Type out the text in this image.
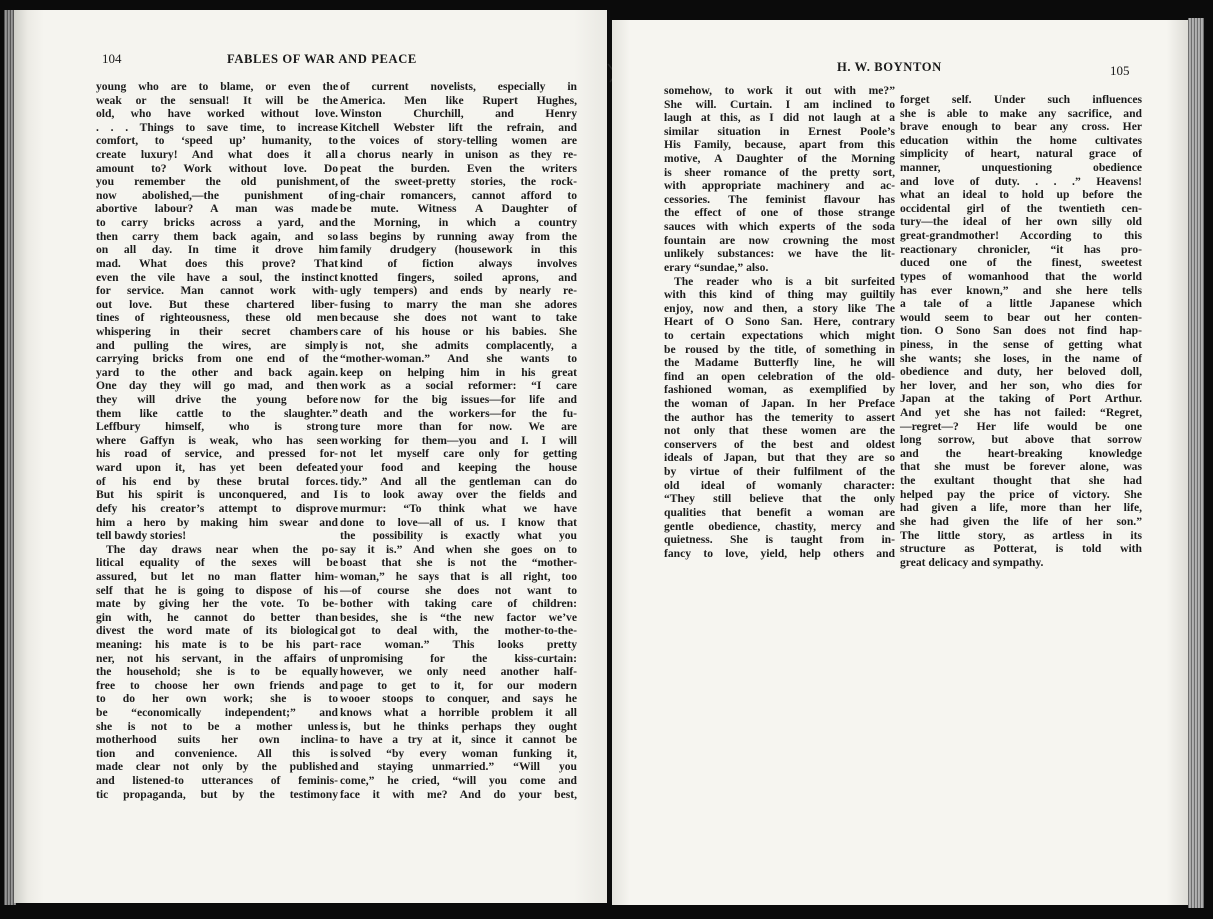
104	FABLES OF WAR AND PEACE
young who are to blame, or even the
weak or the sensual! It will be the
old, who have worked without love.
. . . Things to save time, to increase
comfort, to ‘speed up’ humanity, to
create luxury! And what does it all
amount to? Work without love. Do
you remember the old punishment,
now abolished,—the punishment of
abortive labour? A man was made
to carry bricks across a yard, and
then carry them back again, and so
on all day. In time it drove him
mad. What does this prove? That
even the vile have a soul, the instinct
for service. Man cannot work with-
out love. But these chartered liber-
tines of righteousness, these old men
whispering in their secret chambers
and pulling the wires, are simply
carrying bricks from one end of the
yard to the other and back again.
One day they will go mad, and then
they will drive the young before
them like cattle to the slaughter.”
Leffbury himself, who is strong
where Gaffyn is weak, who has seen
his road of service, and pressed for-
ward upon it, has yet been defeated
of his end by these brutal forces.
But his spirit is unconquered, and I
defy his creator’s attempt to disprove
him a hero by making him swear and
tell bawdy stories!
The day draws near when the po-
litical equality of the sexes will be
assured, but let no man flatter him-
self that he is going to dispose of his
mate by giving her the vote. To be-
gin with, he cannot do better than
divest the word mate of its biological
meaning: his mate is to be his part-
ner, not his servant, in the affairs of
the household; she is to be equally
free to choose her own friends and
to do her own work; she is to
be “economically independent;” and
she is not to be a mother unless
motherhood suits her own inclina-
tion and convenience. All this is
made clear not only by the published
and listened-to utterances of feminis-
tic propaganda, but by the testimony
of current novelists, especially in
America. Men like Rupert Hughes,
Winston Churchill, and Henry
Kitchell Webster lift the refrain, and
the voices of story-telling women are
a chorus nearly in unison as they re-
peat the burden. Even the writers
of the sweet-pretty stories, the rock-
ing-chair romancers, cannot afford to
be mute. Witness A Daughter of
the Morning, in which a country
lass begins by running away from the
family drudgery (housework in this
kind of fiction always involves
knotted fingers, soiled aprons, and
ugly tempers) and ends by nearly re-
fusing to marry the man she adores
because she does not want to take
care of his house or his babies. She
is not, she admits complacently, a
“mother-woman.” And she wants to
keep on helping him in his great
work as a social reformer: “I care
now for the big issues—for life and
death and the workers—for the fu-
ture more than for now. We are
working for them—you and I. I will
not let myself care only for getting
your food and keeping the house
tidy.” And all the gentleman can do
is to look away over the fields and
murmur: “To think what we have
done to love—all of us. I know that
the possibility is exactly what you
say it is.” And when she goes on to
boast that she is not the “mother-
woman,” he says that is all right, too
—of course she does not want to
bother with taking care of children:
besides, she is “the new factor we’ve
got to deal with, the mother-to-the-
race woman.” This looks pretty
unpromising for the kiss-curtain:
however, we only need another half-
page to get to it, for our modern
wooer stoops to conquer, and says he
knows what a horrible problem it all
is, but he thinks perhaps they ought
to have a try at it, since it cannot be
solved “by every woman funking it,
and staying unmarried.” “Will you
come,” he cried, “will you come and
face it with me? And do your best,
H. W. BOYNTON	105
somehow, to work it out with me?”
She will. Curtain. I am inclined to
laugh at this, as I did not laugh at a
similar situation in Ernest Poole’s
His Family, because, apart from this
motive, A Daughter of the Morning
is sheer romance of the pretty sort,
with appropriate machinery and ac-
cessories. The feminist flavour has
the effect of one of those strange
sauces with which experts of the soda
fountain are now crowning the most
unlikely substances: we have the lit-
erary “sundae,” also.
The reader who is a bit surfeited
with this kind of thing may guiltily
enjoy, now and then, a story like The
Heart of O Sono San. Here, contrary
to certain expectations which might
be roused by the title, of something in
the Madame Butterfly line, he will
find an open celebration of the old-
fashioned woman, as exemplified by
the woman of Japan. In her Preface
the author has the temerity to assert
not only that these women are the
conservers of the best and oldest
ideals of Japan, but that they are so
by virtue of their fulfilment of the
old ideal of womanly character:
“They still believe that the only
qualities that benefit a woman are
gentle obedience, chastity, mercy and
quietness. She is taught from in-
fancy to love, yield, help others and
forget self. Under such influences
she is able to make any sacrifice, and
brave enough to bear any cross. Her
education within the home cultivates
simplicity of heart, natural grace of
manner, unquestioning obedience
and love of duty. . . .” Heavens!
what an ideal to hold up before the
occidental girl of the twentieth cen-
tury—the ideal of her own silly old
great-grandmother! According to this
reactionary chronicler, “it has pro-
duced one of the finest, sweetest
types of womanhood that the world
has ever known,” and she here tells
a tale of a little Japanese which
would seem to bear out her conten-
tion. O Sono San does not find hap-
piness, in the sense of getting what
she wants; she loses, in the name of
obedience and duty, her beloved doll,
her lover, and her son, who dies for
Japan at the taking of Port Arthur.
And yet she has not failed: “Regret,
—regret—? Her life would be one
long sorrow, but above that sorrow
and the heart-breaking knowledge
that she must be forever alone, was
the exultant thought that she had
helped pay the price of victory. She
had given a life, more than her life,
she had given the life of her son.”
The little story, as artless in its
structure as Potterat, is told with
great delicacy and sympathy.
